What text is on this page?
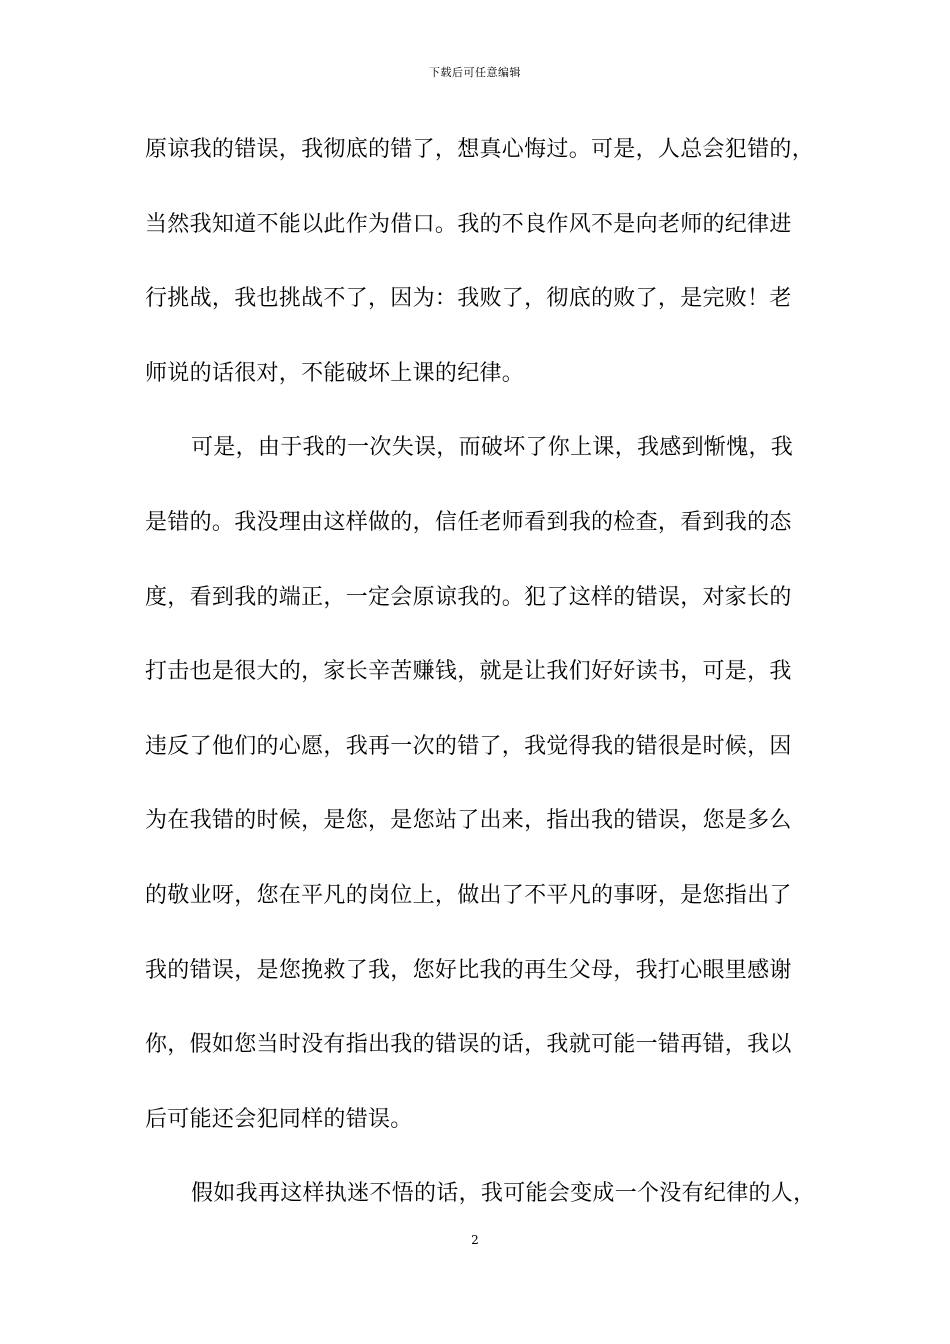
下载后可任意编辑
原谅我的错误，我彻底的错了，想真心悔过。可是，人总会犯错的，
当然我知道不能以此作为借口。我的不良作风不是向老师的纪律进
行挑战，我也挑战不了，因为：我败了，彻底的败了，是完败！老
师说的话很对，不能破坏上课的纪律。
可是，由于我的一次失误，而破坏了你上课，我感到惭愧，我
是错的。我没理由这样做的，信任老师看到我的检查，看到我的态
度，看到我的端正，一定会原谅我的。犯了这样的错误，对家长的
打击也是很大的，家长辛苦赚钱，就是让我们好好读书，可是，我
违反了他们的心愿，我再一次的错了，我觉得我的错很是时候，因
为在我错的时候，是您，是您站了出来，指出我的错误，您是多么
的敬业呀，您在平凡的岗位上，做出了不平凡的事呀，是您指出了
我的错误，是您挽救了我，您好比我的再生父母，我打心眼里感谢
你，假如您当时没有指出我的错误的话，我就可能一错再错，我以
后可能还会犯同样的错误。
假如我再这样执迷不悟的话，我可能会变成一个没有纪律的人，
2
